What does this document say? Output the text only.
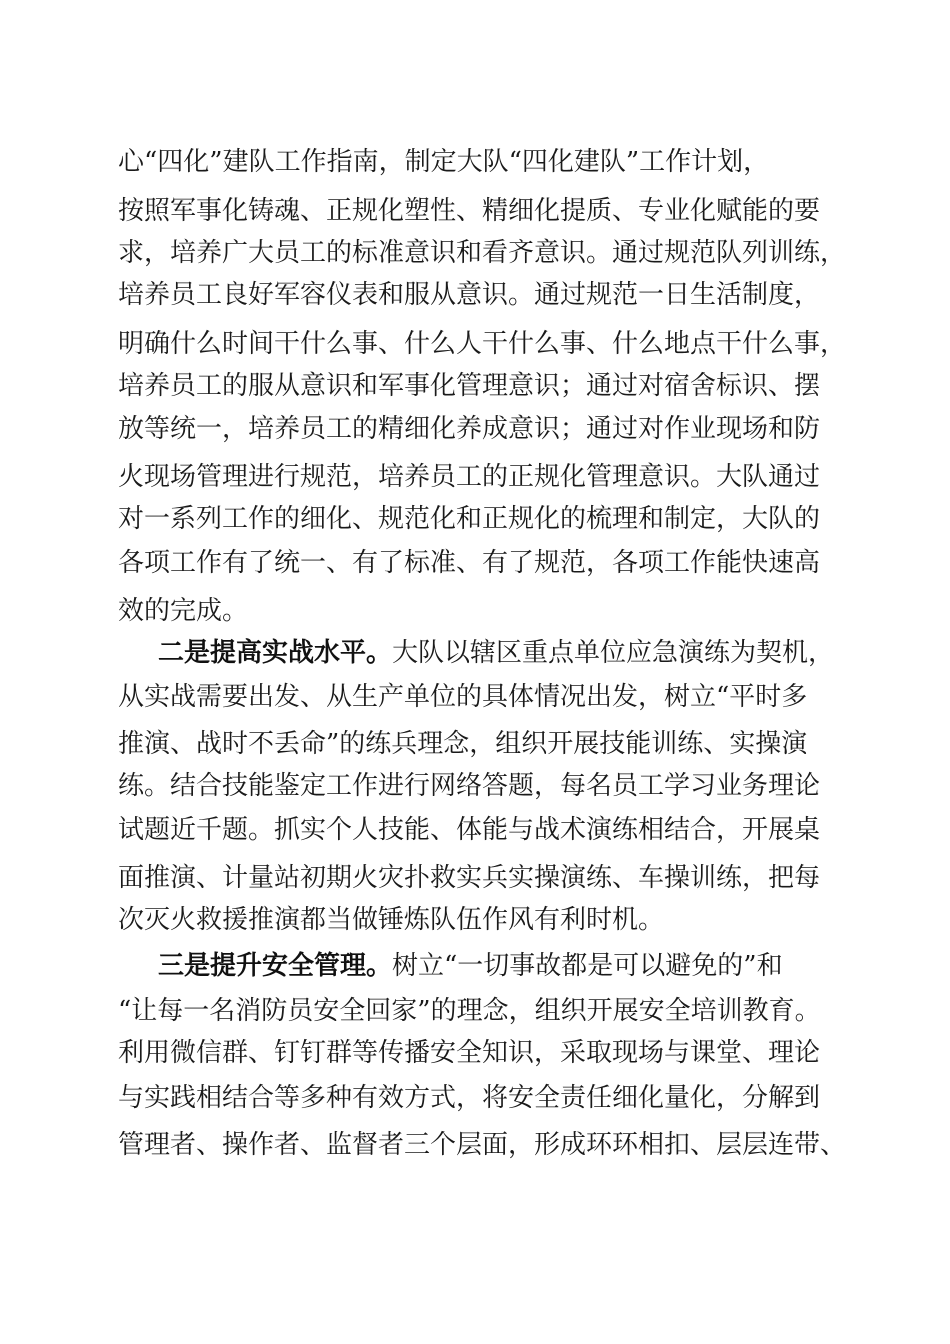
心“四化”建队工作指南，制定大队“四化建队”工作计划，
按照军事化铸魂、正规化塑性、精细化提质、专业化赋能的要
求，培养广大员工的标准意识和看齐意识。通过规范队列训练，
培养员工良好军容仪表和服从意识。通过规范一日生活制度，
明确什么时间干什么事、什么人干什么事、什么地点干什么事，
培养员工的服从意识和军事化管理意识；通过对宿舍标识、摆
放等统一，培养员工的精细化养成意识；通过对作业现场和防
火现场管理进行规范，培养员工的正规化管理意识。大队通过
对一系列工作的细化、规范化和正规化的梳理和制定，大队的
各项工作有了统一、有了标准、有了规范，各项工作能快速高
效的完成。
二是提高实战水平。 大队以辖区重点单位应急演练为契机，
从实战需要出发、从生产单位的具体情况出发，树立“平时多
推演、战时不丢命”的练兵理念，组织开展技能训练、实操演
练。结合技能鉴定工作进行网络答题，每名员工学习业务理论
试题近千题。抓实个人技能、体能与战术演练相结合，开展桌
面推演、计量站初期火灾扑救实兵实操演练、车操训练，把每
次灭火救援推演都当做锤炼队伍作风有利时机。
三是提升安全管理。 树立“一切事故都是可以避免的”和
“让每一名消防员安全回家”的理念，组织开展安全培训教育。
利用微信群、钉钉群等传播安全知识，采取现场与课堂、理论
与实践相结合等多种有效方式，将安全责任细化量化，分解到
管理者、操作者、监督者三个层面，形成环环相扣、层层连带、
